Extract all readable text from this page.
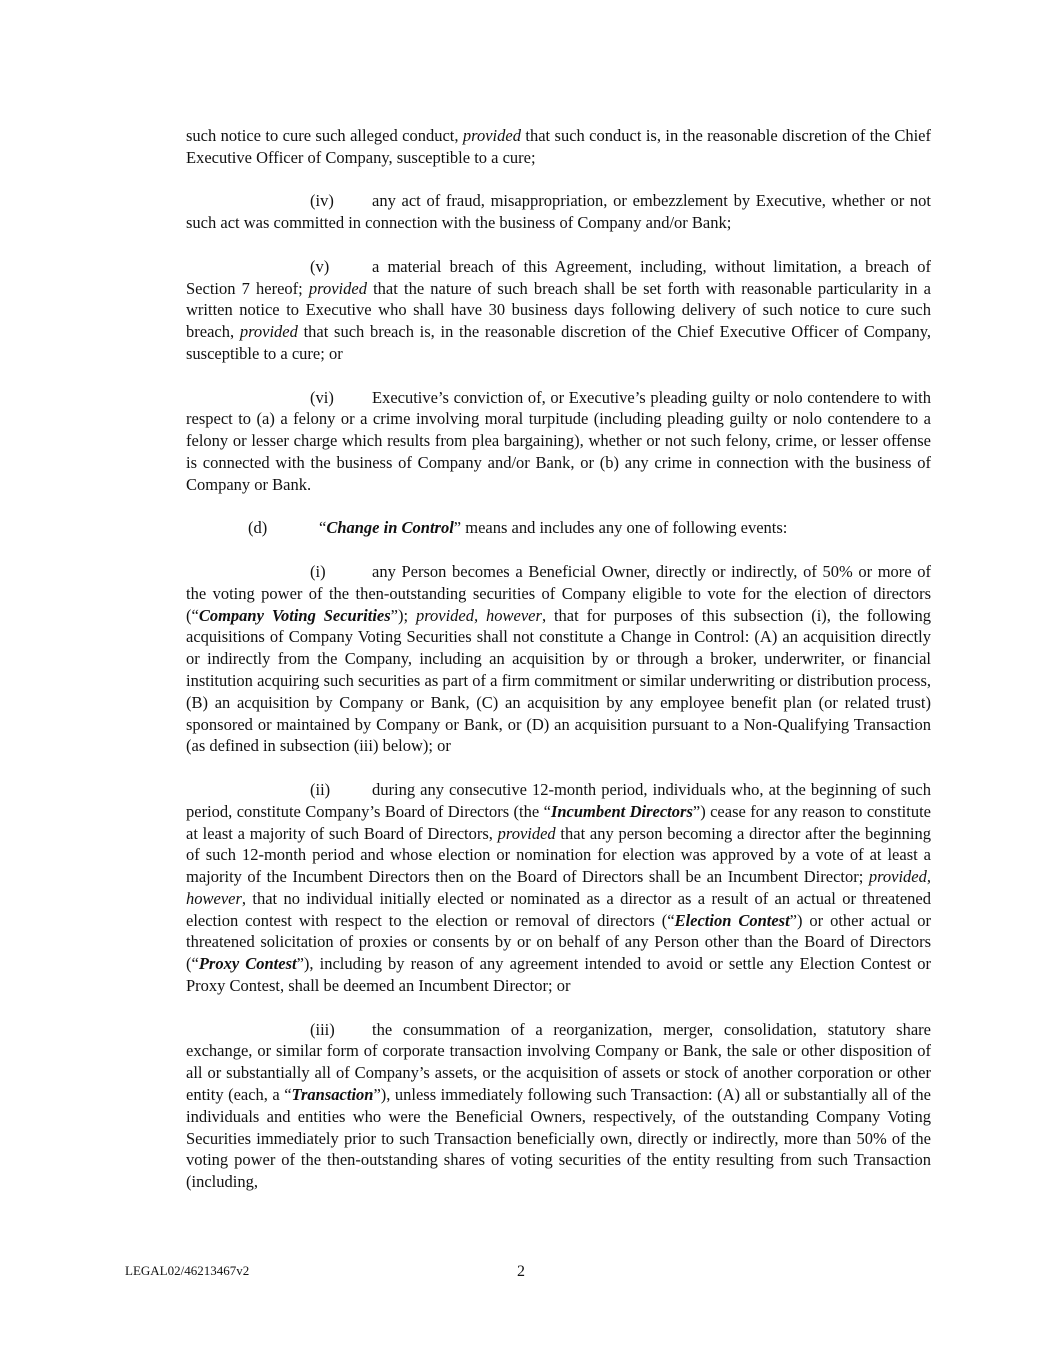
such notice to cure such alleged conduct, provided that such conduct is, in the reasonable discretion of the Chief Executive Officer of Company, susceptible to a cure;

(iv) any act of fraud, misappropriation, or embezzlement by Executive, whether or not such act was committed in connection with the business of Company and/or Bank;

(v)	a material breach of this Agreement, including, without limitation, a breach of Section 7 hereof; provided that the nature of such breach shall be set forth with reasonable particularity in a written notice to Executive who shall have 30 business days following delivery of such notice to cure such breach, provided that such breach is, in the reasonable discretion of the Chief Executive Officer of Company, susceptible to a cure; or

(vi) Executive’s conviction of, or Executive’s pleading guilty or nolo contendere to with respect to (a) a felony or a crime involving moral turpitude (including pleading guilty or nolo contendere to a felony or lesser charge which results from plea bargaining), whether or not such felony, crime, or lesser offense is connected with the business of Company and/or Bank, or (b) any crime in connection with the business of Company or Bank.

(d)	“Change in Control” means and includes any one of following events:

(i)	any Person becomes a Beneficial Owner, directly or indirectly, of 50% or more of the voting power of the then-outstanding securities of Company eligible to vote for the election of directors (“Company Voting Securities”); provided, however, that for purposes of this subsection (i), the following acquisitions of Company Voting Securities shall not constitute a Change in Control: (A) an acquisition directly or indirectly from the Company, including an acquisition by or through a broker, underwriter, or financial institution acquiring such securities as part of a firm commitment or similar underwriting or distribution process, (B) an acquisition by Company or Bank, (C) an acquisition by any employee benefit plan (or related trust) sponsored or maintained by Company or Bank, or (D) an acquisition pursuant to a Non-Qualifying Transaction (as defined in subsection (iii) below); or

(ii)	during any consecutive 12-month period, individuals who, at the beginning of such period, constitute Company’s Board of Directors (the “Incumbent Directors”) cease for any reason to constitute at least a majority of such Board of Directors, provided that any person becoming a director after the beginning of such 12-month period and whose election or nomination for election was approved by a vote of at least a majority of the Incumbent Directors then on the Board of Directors shall be an Incumbent Director; provided, however, that no individual initially elected or nominated as a director as a result of an actual or threatened election contest with respect to the election or removal of directors (“Election Contest”) or other actual or threatened solicitation of proxies or consents by or on behalf of any Person other than the Board of Directors (“Proxy Contest”), including by reason of any agreement intended to avoid or settle any Election Contest or Proxy Contest, shall be deemed an Incumbent Director; or

(iii) the consummation of a reorganization, merger, consolidation, statutory share exchange, or similar form of corporate transaction involving Company or Bank, the sale or other disposition of all or substantially all of Company’s assets, or the acquisition of assets or stock of another corporation or other entity (each, a “Transaction”), unless immediately following such Transaction: (A) all or substantially all of the individuals and entities who were the Beneficial Owners, respectively, of the outstanding Company Voting Securities immediately prior to such Transaction beneficially own, directly or indirectly, more than 50% of the voting power of the then-outstanding shares of voting securities of the entity resulting from such Transaction (including,

LEGAL02/46213467v2	2
